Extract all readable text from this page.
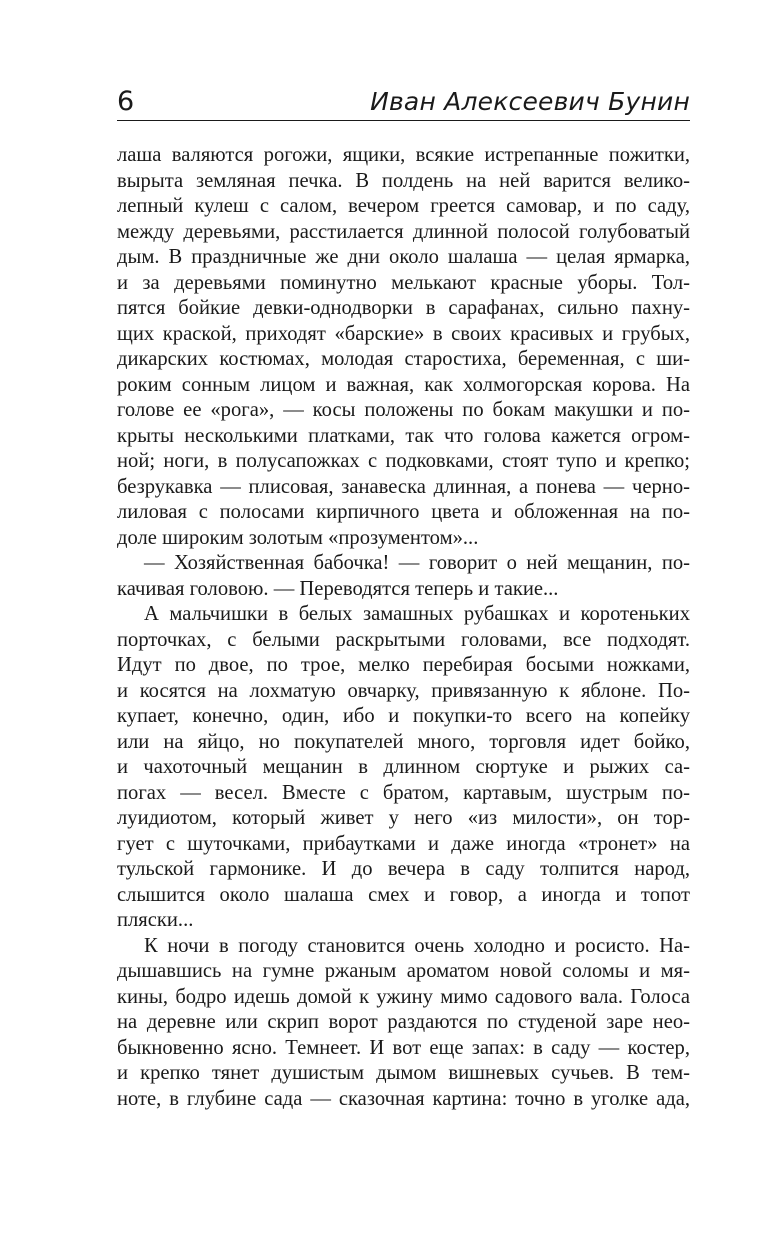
6	Иван Алексеевич Бунин

лаша валяются рогожи, ящики, всякие истрепанные пожитки,
вырыта земляная печка. В полдень на ней варится велико-
лепный кулеш с салом, вечером греется самовар, и по саду,
между деревьями, расстилается длинной полосой голубоватый
дым. В праздничные же дни около шалаша — целая ярмарка,
и за деревьями поминутно мелькают красные уборы. Тол-
пятся бойкие девки-однодворки в сарафанах, сильно пахну-
щих краской, приходят «барские» в своих красивых и грубых,
дикарских костюмах, молодая старостиха, беременная, с ши-
роким сонным лицом и важная, как холмогорская корова. На
голове ее «рога», — косы положены по бокам макушки и по-
крыты несколькими платками, так что голова кажется огром-
ной; ноги, в полусапожках с подковками, стоят тупо и крепко;
безрукавка — плисовая, занавеска длинная, а понева — черно-
лиловая с полосами кирпичного цвета и обложенная на по-
доле широким золотым «прозументом»...

— Хозяйственная бабочка! — говорит о ней мещанин, по-
качивая головою. — Переводятся теперь и такие...

А мальчишки в белых замашных рубашках и коротеньких
порточках, с белыми раскрытыми головами, все подходят.
Идут по двое, по трое, мелко перебирая босыми ножками,
и косятся на лохматую овчарку, привязанную к яблоне. По-
купает, конечно, один, ибо и покупки-то всего на копейку
или на яйцо, но покупателей много, торговля идет бойко,
и чахоточный мещанин в длинном сюртуке и рыжих са-
погах — весел. Вместе с братом, картавым, шустрым по-
луидиотом, который живет у него «из милости», он тор-
гует с шуточками, прибаутками и даже иногда «тронет» на
тульской гармонике. И до вечера в саду толпится народ,
слышится около шалаша смех и говор, а иногда и топот
пляски...

К ночи в погоду становится очень холодно и росисто. На-
дышавшись на гумне ржаным ароматом новой соломы и мя-
кины, бодро идешь домой к ужину мимо садового вала. Голоса
на деревне или скрип ворот раздаются по студеной заре нео-
быкновенно ясно. Темнеет. И вот еще запах: в саду — костер,
и крепко тянет душистым дымом вишневых сучьев. В тем-
ноте, в глубине сада — сказочная картина: точно в уголке ада,
